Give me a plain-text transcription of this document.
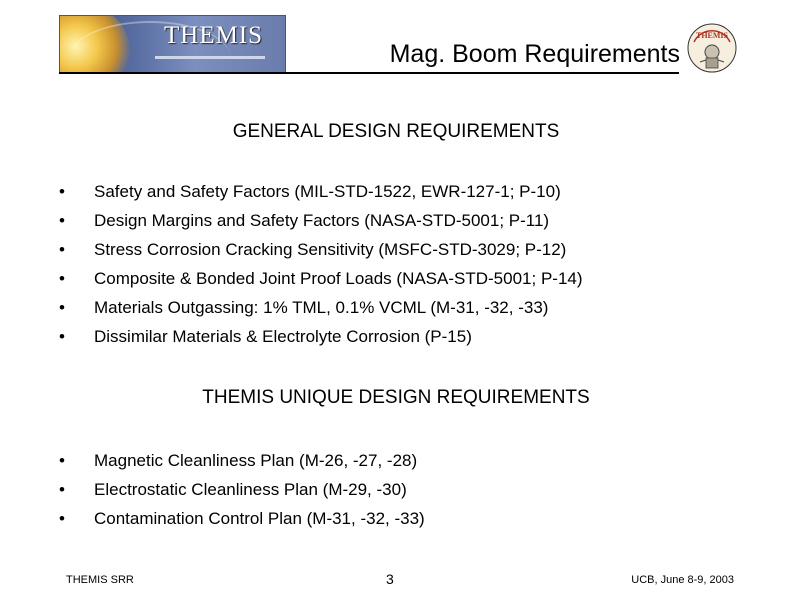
THEMIS
Mag. Boom Requirements
THEMIS
GENERAL DESIGN REQUIREMENTS
• Safety and Safety Factors (MIL-STD-1522, EWR-127-1; P-10)
• Design Margins and Safety Factors (NASA-STD-5001; P-11)
• Stress Corrosion Cracking Sensitivity (MSFC-STD-3029; P-12)
• Composite & Bonded Joint Proof Loads (NASA-STD-5001; P-14)
• Materials Outgassing: 1% TML, 0.1% VCML (M-31, -32, -33)
• Dissimilar Materials & Electrolyte Corrosion (P-15)
THEMIS UNIQUE DESIGN REQUIREMENTS
• Magnetic Cleanliness Plan (M-26, -27, -28)
• Electrostatic Cleanliness Plan (M-29, -30)
• Contamination Control Plan (M-31, -32, -33)
THEMIS SRR	3	UCB, June 8-9, 2003
